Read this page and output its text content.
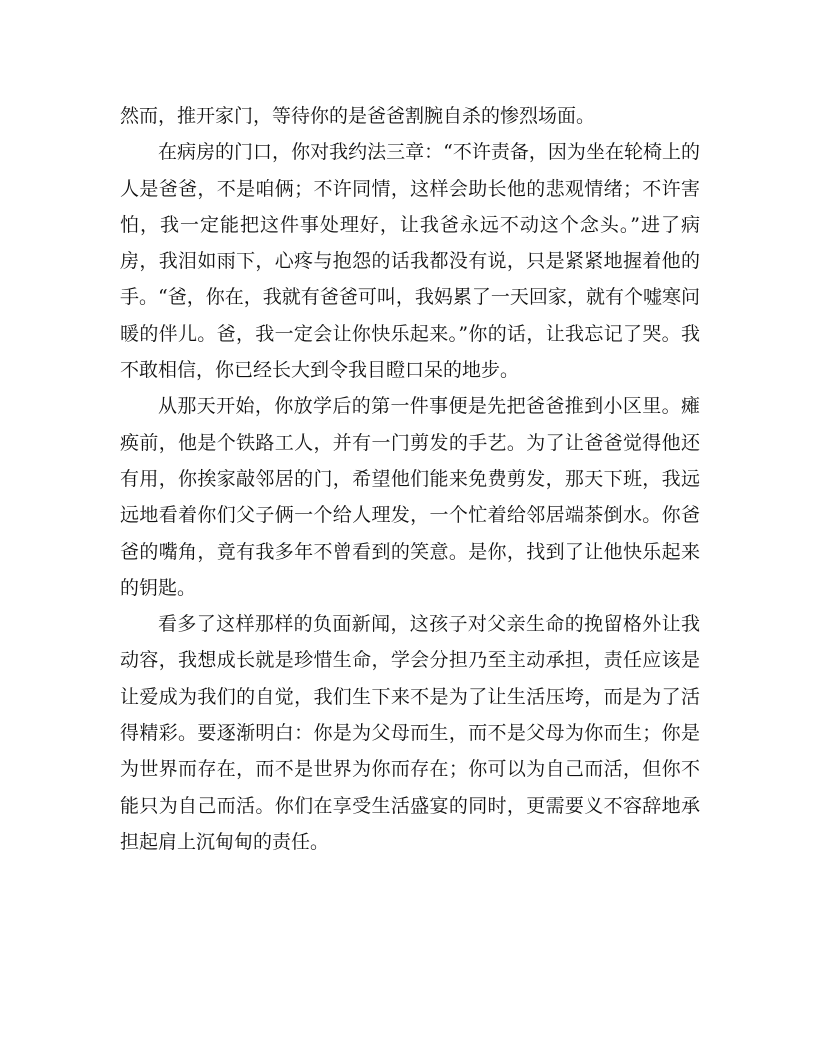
然而，推开家门，等待你的是爸爸割腕自杀的惨烈场面。

在病房的门口，你对我约法三章：“不许责备，因为坐在轮椅上的人是爸爸，不是咱俩；不许同情，这样会助长他的悲观情绪；不许害怕，我一定能把这件事处理好，让我爸永远不动这个念头。”进了病房，我泪如雨下，心疼与抱怨的话我都没有说，只是紧紧地握着他的手。“爸，你在，我就有爸爸可叫，我妈累了一天回家，就有个嘘寒问暖的伴儿。爸，我一定会让你快乐起来。”你的话，让我忘记了哭。我不敢相信，你已经长大到令我目瞪口呆的地步。

从那天开始，你放学后的第一件事便是先把爸爸推到小区里。瘫痪前，他是个铁路工人，并有一门剪发的手艺。为了让爸爸觉得他还有用，你挨家敲邻居的门，希望他们能来免费剪发，那天下班，我远远地看着你们父子俩一个给人理发，一个忙着给邻居端茶倒水。你爸爸的嘴角，竟有我多年不曾看到的笑意。是你，找到了让他快乐起来的钥匙。

看多了这样那样的负面新闻，这孩子对父亲生命的挽留格外让我动容，我想成长就是珍惜生命，学会分担乃至主动承担，责任应该是让爱成为我们的自觉，我们生下来不是为了让生活压垮，而是为了活得精彩。要逐渐明白：你是为父母而生，而不是父母为你而生；你是为世界而存在，而不是世界为你而存在；你可以为自己而活，但你不能只为自己而活。你们在享受生活盛宴的同时，更需要义不容辞地承担起肩上沉甸甸的责任。
